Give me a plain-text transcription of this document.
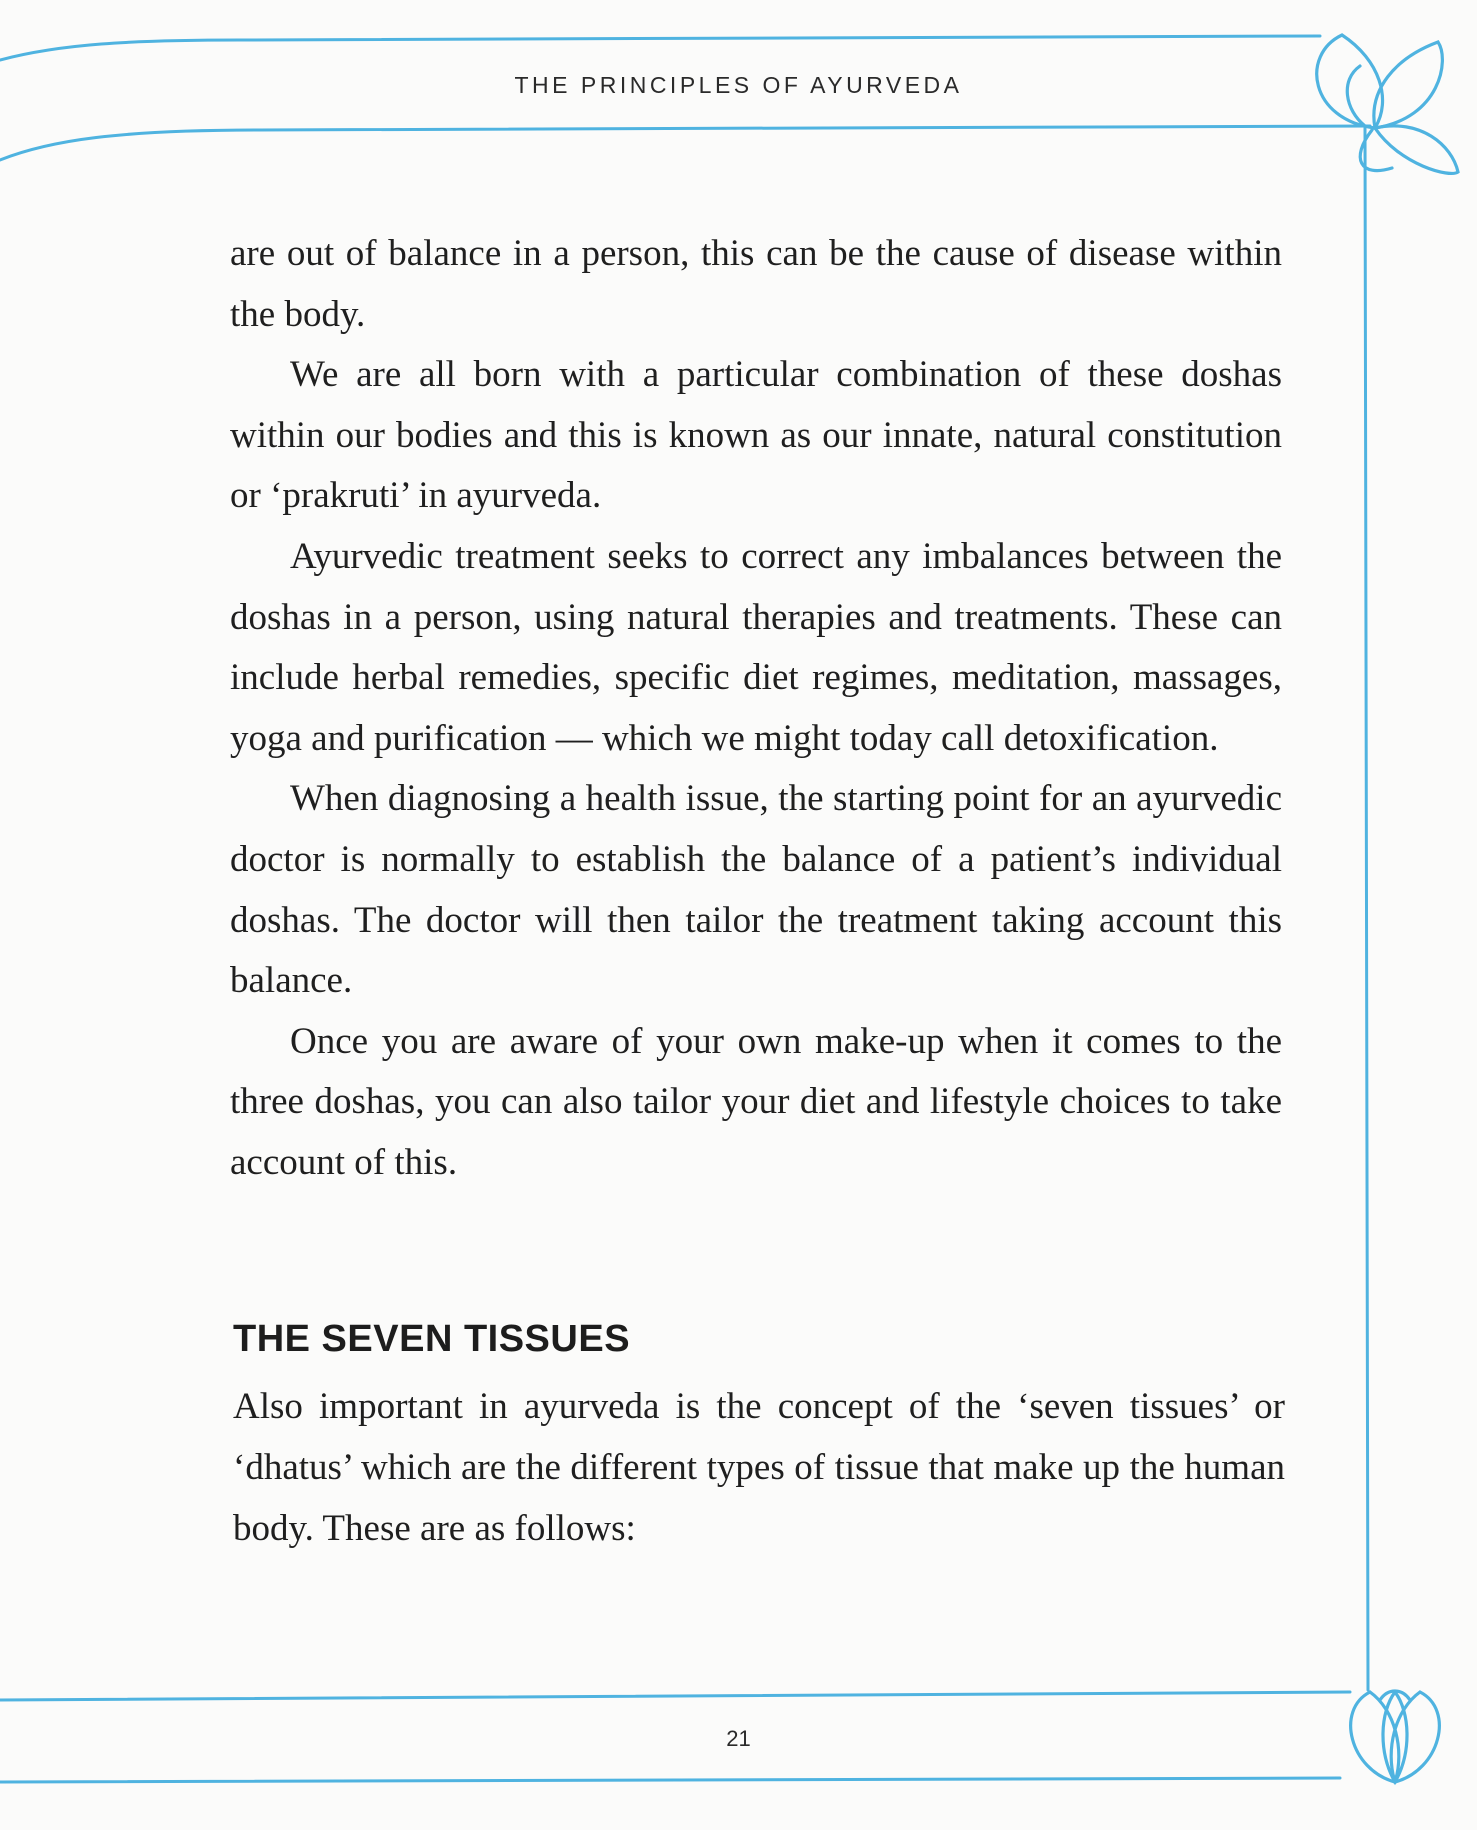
THE PRINCIPLES OF AYURVEDA

are out of balance in a person, this can be the cause of disease within the body.

We are all born with a particular combination of these doshas within our bodies and this is known as our innate, natural constitution or ‘prakruti’ in ayurveda.

Ayurvedic treatment seeks to correct any imbalances between the doshas in a person, using natural therapies and treatments. These can include herbal remedies, specific diet regimes, meditation, massages, yoga and purification — which we might today call detoxification.

When diagnosing a health issue, the starting point for an ayurvedic doctor is normally to establish the balance of a patient’s individual doshas. The doctor will then tailor the treatment taking account this balance.

Once you are aware of your own make-up when it comes to the three doshas, you can also tailor your diet and lifestyle choices to take account of this.

THE SEVEN TISSUES

Also important in ayurveda is the concept of the ‘seven tissues’ or ‘dhatus’ which are the different types of tissue that make up the human body. These are as follows:

21
